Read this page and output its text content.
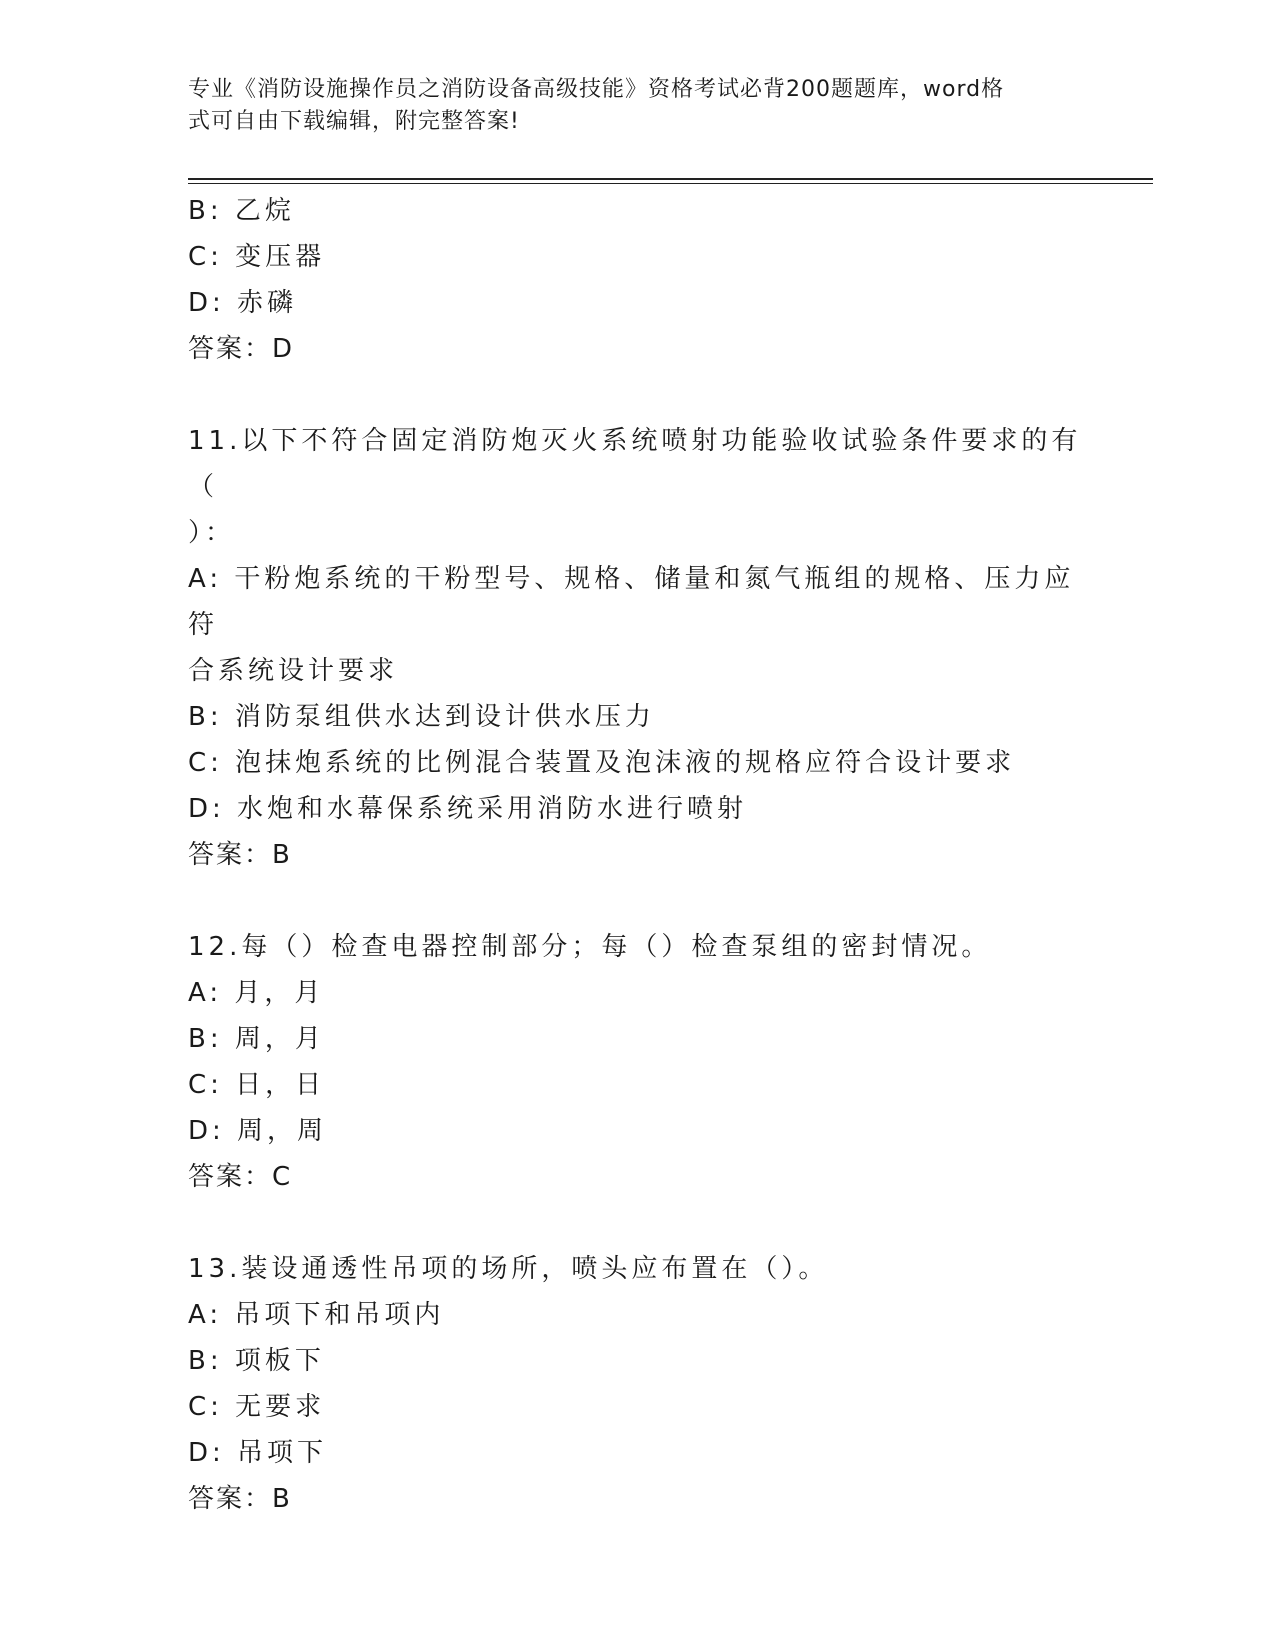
专业《消防设施操作员之消防设备高级技能》资格考试必背200题题库，word格
式可自由下载编辑，附完整答案!
B: 乙烷
C: 变压器
D: 赤磷
答案：D
11.以下不符合固定消防炮灭火系统喷射功能验收试验条件要求的有（
）：
A: 干粉炮系统的干粉型号、规格、储量和氮气瓶组的规格、压力应符
合系统设计要求
B: 消防泵组供水达到设计供水压力
C: 泡抹炮系统的比例混合装置及泡沫液的规格应符合设计要求
D: 水炮和水幕保系统采用消防水进行喷射
答案：B
12.每（）检查电器控制部分；每（）检查泵组的密封情况。
A: 月，月
B: 周，月
C: 日，日
D: 周，周
答案：C
13.装设通透性吊项的场所，喷头应布置在（）。
A: 吊项下和吊项内
B: 项板下
C: 无要求
D: 吊项下
答案：B
